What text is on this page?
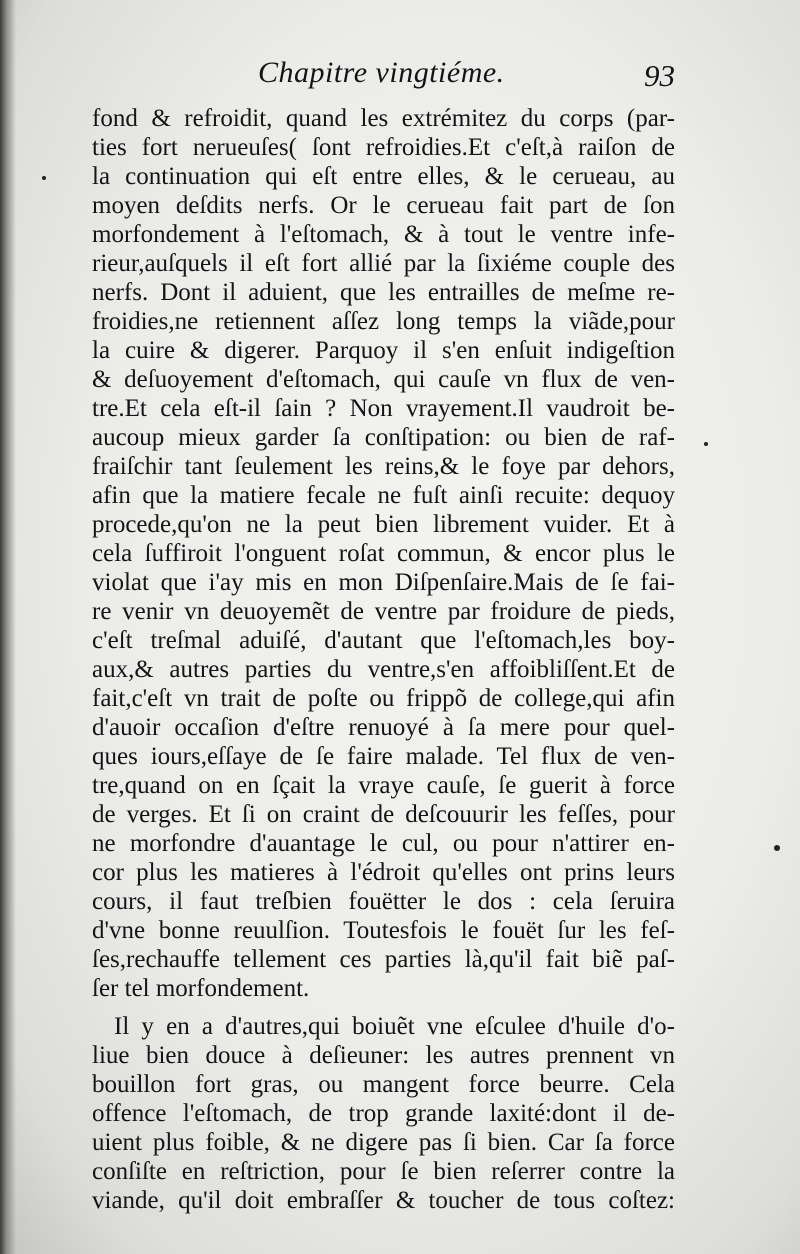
Chapitre vingtiéme.	93
fond & refroidit, quand les extrémitez du corps (par-
ties fort nerueuſes( ſont refroidies.Et c'eſt,à raiſon de
la continuation qui eſt entre elles, & le cerueau, au
moyen deſdits nerfs. Or le cerueau fait part de ſon
morfondement à l'eſtomach, & à tout le ventre infe-
rieur,auſquels il eſt fort allié par la ſixiéme couple des
nerfs. Dont il aduient, que les entrailles de meſme re-
froidies,ne retiennent aſſez long temps la viãde,pour
la cuire & digerer. Parquoy il s'en enſuit indigeſtion
& deſuoyement d'eſtomach, qui cauſe vn flux de ven-
tre.Et cela eſt-il ſain ? Non vrayement.Il vaudroit be-
aucoup mieux garder ſa conſtipation: ou bien de raf-
fraiſchir tant ſeulement les reins,& le foye par dehors,
afin que la matiere fecale ne fuſt ainſi recuite: dequoy
procede,qu'on ne la peut bien librement vuider. Et à
cela ſuffiroit l'onguent roſat commun, & encor plus le
violat que i'ay mis en mon Diſpenſaire.Mais de ſe fai-
re venir vn deuoyemẽt de ventre par froidure de pieds,
c'eſt treſmal aduiſé, d'autant que l'eſtomach,les boy-
aux,& autres parties du ventre,s'en affoibliſſent.Et de
fait,c'eſt vn trait de poſte ou frippõ de college,qui afin
d'auoir occaſion d'eſtre renuoyé à ſa mere pour quel-
ques iours,eſſaye de ſe faire malade. Tel flux de ven-
tre,quand on en ſçait la vraye cauſe, ſe guerit à force
de verges. Et ſi on craint de deſcouurir les feſſes, pour
ne morfondre d'auantage le cul, ou pour n'attirer en-
cor plus les matieres à l'édroit qu'elles ont prins leurs
cours, il faut treſbien fouëtter le dos : cela ſeruira
d'vne bonne reuulſion. Toutesfois le fouët ſur les feſ-
ſes,rechauffe tellement ces parties là,qu'il fait biẽ paſ-
ſer tel morfondement.
Il y en a d'autres,qui boiuẽt vne eſculee d'huile d'o-
liue bien douce à deſieuner: les autres prennent vn
bouillon fort gras, ou mangent force beurre. Cela
offence l'eſtomach, de trop grande laxité:dont il de-
uient plus foible, & ne digere pas ſi bien. Car ſa force
conſiſte en reſtriction, pour ſe bien reſerrer contre la
viande, qu'il doit embraſſer & toucher de tous coſtez:
